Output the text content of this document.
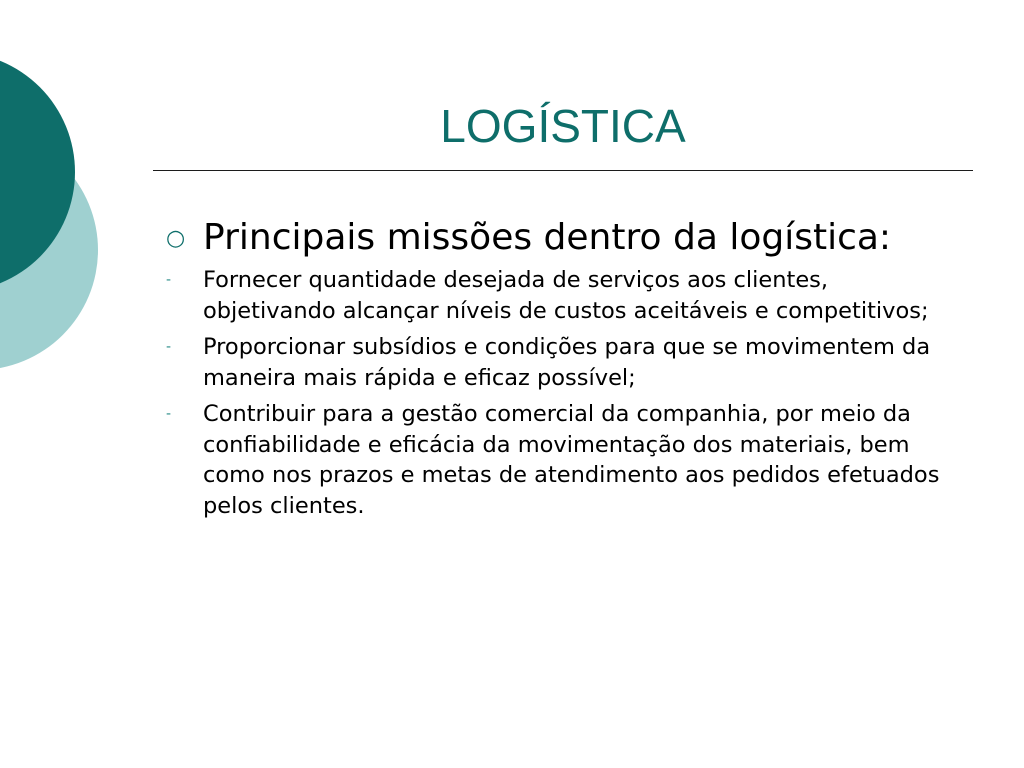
LOGÍSTICA
○ Principais missões dentro da logística:
- Fornecer quantidade desejada de serviços aos clientes, objetivando alcançar níveis de custos aceitáveis e competitivos;
- Proporcionar subsídios e condições para que se movimentem da maneira mais rápida e eficaz possível;
- Contribuir para a gestão comercial da companhia, por meio da confiabilidade e eficácia da movimentação dos materiais, bem como nos prazos e metas de atendimento aos pedidos efetuados pelos clientes.
